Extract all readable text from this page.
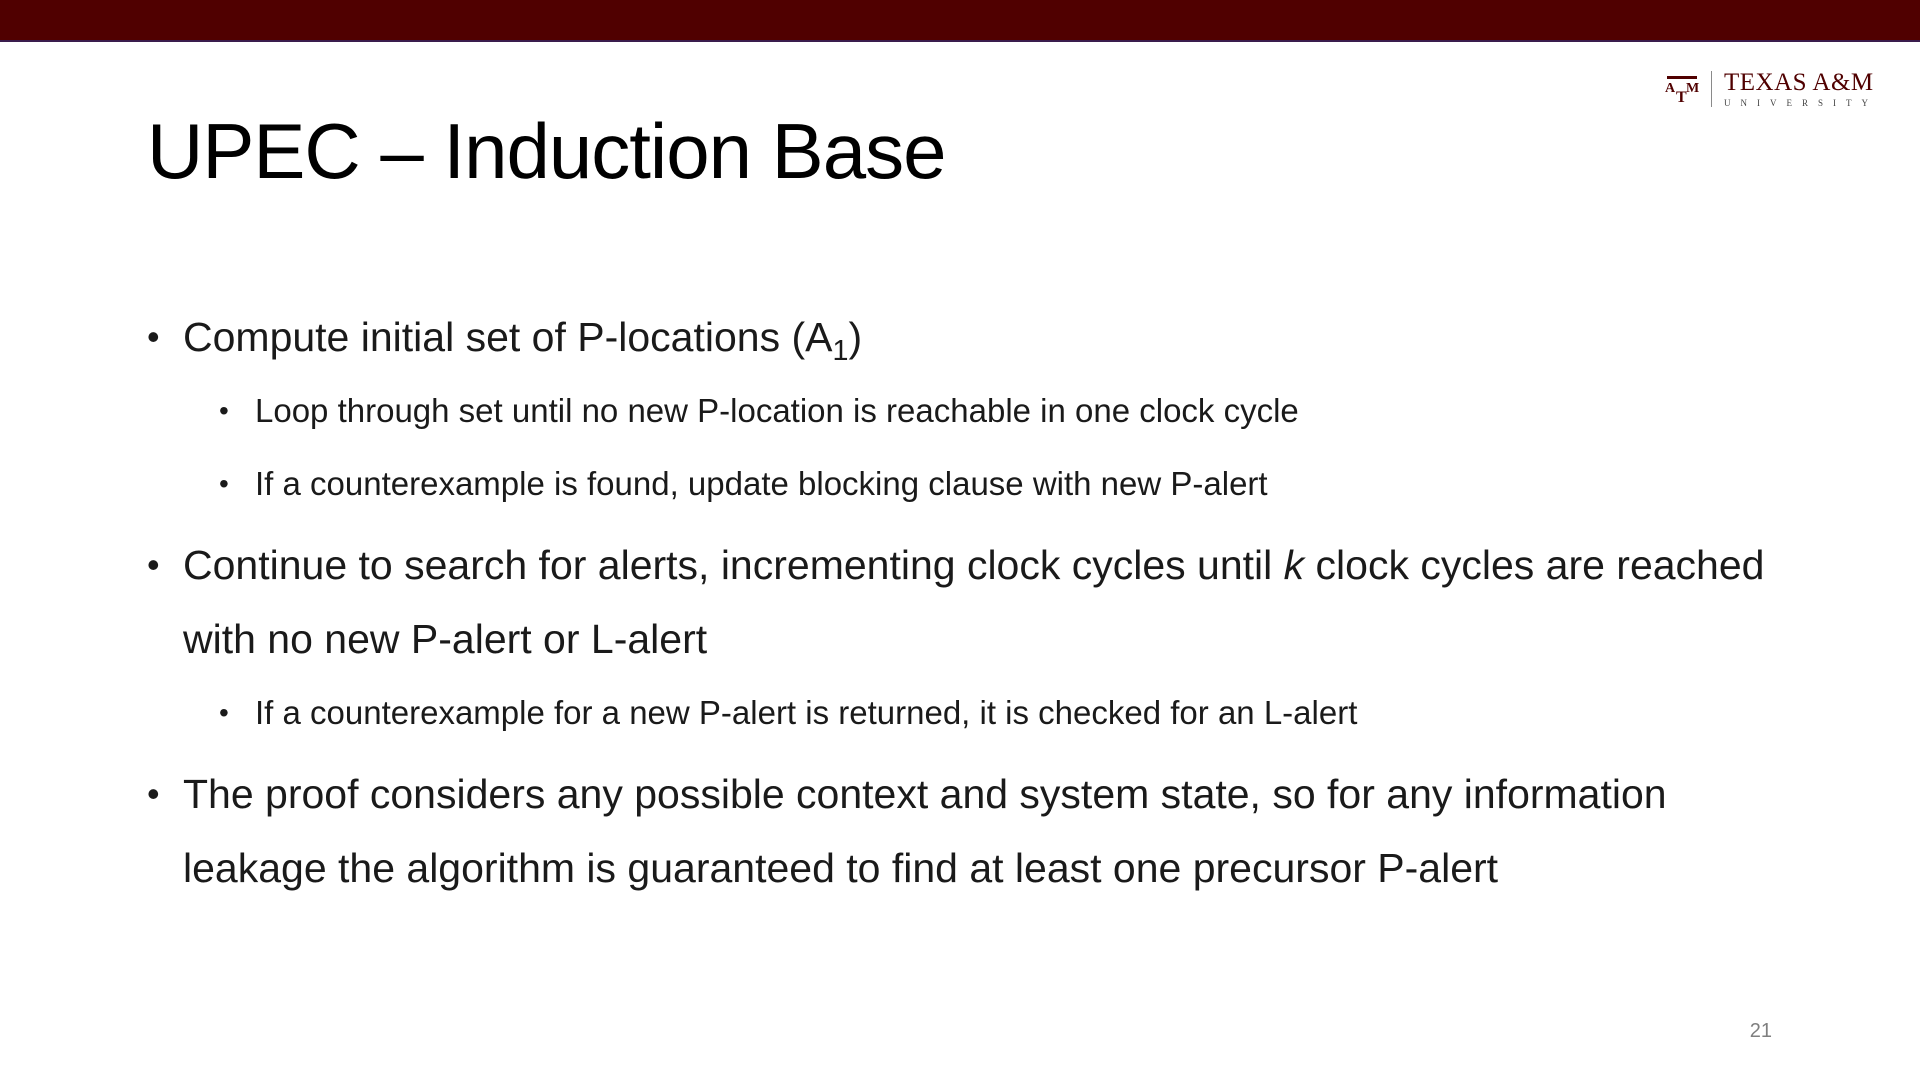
A
T
M TEXAS A&M
UNIVERSITY
UPEC – Induction Base
• Compute initial set of P-locations $(A_1)$
• Loop through set until no new P-location is reachable in one clock cycle
• If a counterexample is found, update blocking clause with new P-alert
• Continue to search for alerts, incrementing clock cycles until k clock cycles are reached with no new P-alert or L-alert
• If a counterexample for a new P-alert is returned, it is checked for an L-alert
• The proof considers any possible context and system state, so for any information leakage the algorithm is guaranteed to find at least one precursor P-alert
21
